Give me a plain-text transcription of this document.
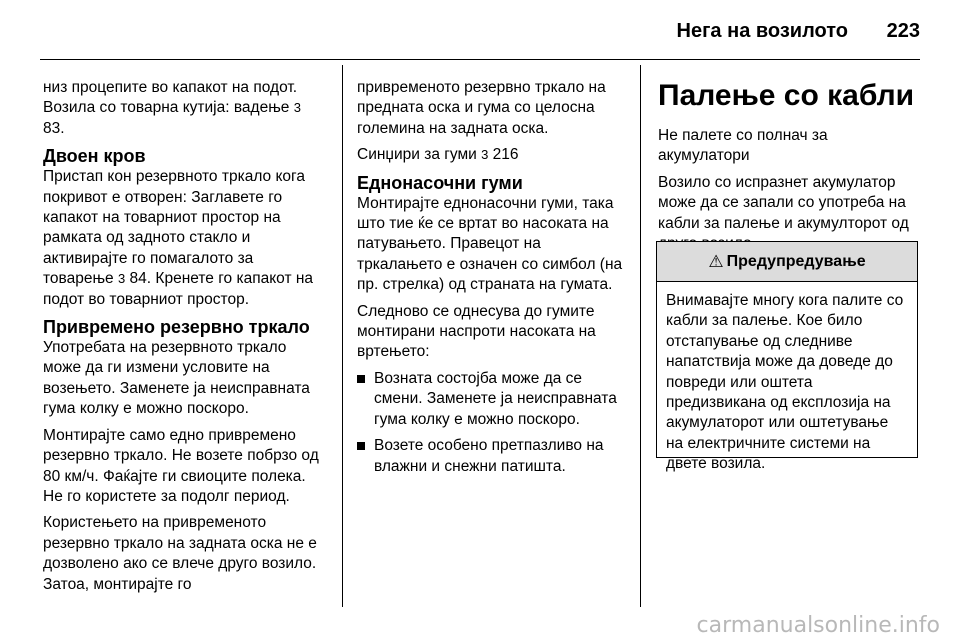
Нега на возилото 223

низ процепите во капакот на подот. Возила со товарна кутија: вадење 3 83.

Двоен кров

Пристап кон резервното тркало кога покривот е отворен: Заглавете го капакот на товарниот простор на рамката од задното стакло и активирајте го помагалото за товарење 3 84. Кренете го капакот на подот во товарниот простор.

Привремено резервно тркало

Употребата на резервното тркало може да ги измени условите на возењето. Заменете ја неисправната гума колку е можно поскоро.

Монтирајте само едно привремено резервно тркало. Не возете побрзо од 80 км/ч. Фаќајте ги свиоците полека. Не го користете за подолг период.

Користењето на привременото резервно тркало на задната оска не е дозволено ако се влече друго возило. Затоа, монтирајте го

привременото резервно тркало на предната оска и гума со целосна големина на задната оска.

Синџири за гуми 3 216

Еднонасочни гуми

Монтирајте еднонасочни гуми, така што тие ќе се вртат во насоката на патувањето. Правецот на тркалањето е означен со симбол (на пр. стрелка) од страната на гумата.

Следново се однесува до гумите монтирани наспроти насоката на вртењето:

Возната состојба може да се смени. Заменете ја неисправната гума колку е можно поскоро.
Возете особено претпазливо на влажни и снежни патишта.
Палење со кабли

Не палете со полнач за акумулатори

Возило со испразнет акумулатор може да се запали со употреба на кабли за палење и акумулторот од

⚠ Предупредување
Внимавајте многу кога палите со кабли за палење. Кое било отстапување од следниве напатствија може да доведе до повреди или оштета предизвикана од експлозија на акумулаторот или оштетување на електричните системи на двете возила.
carmanualsonline.info
